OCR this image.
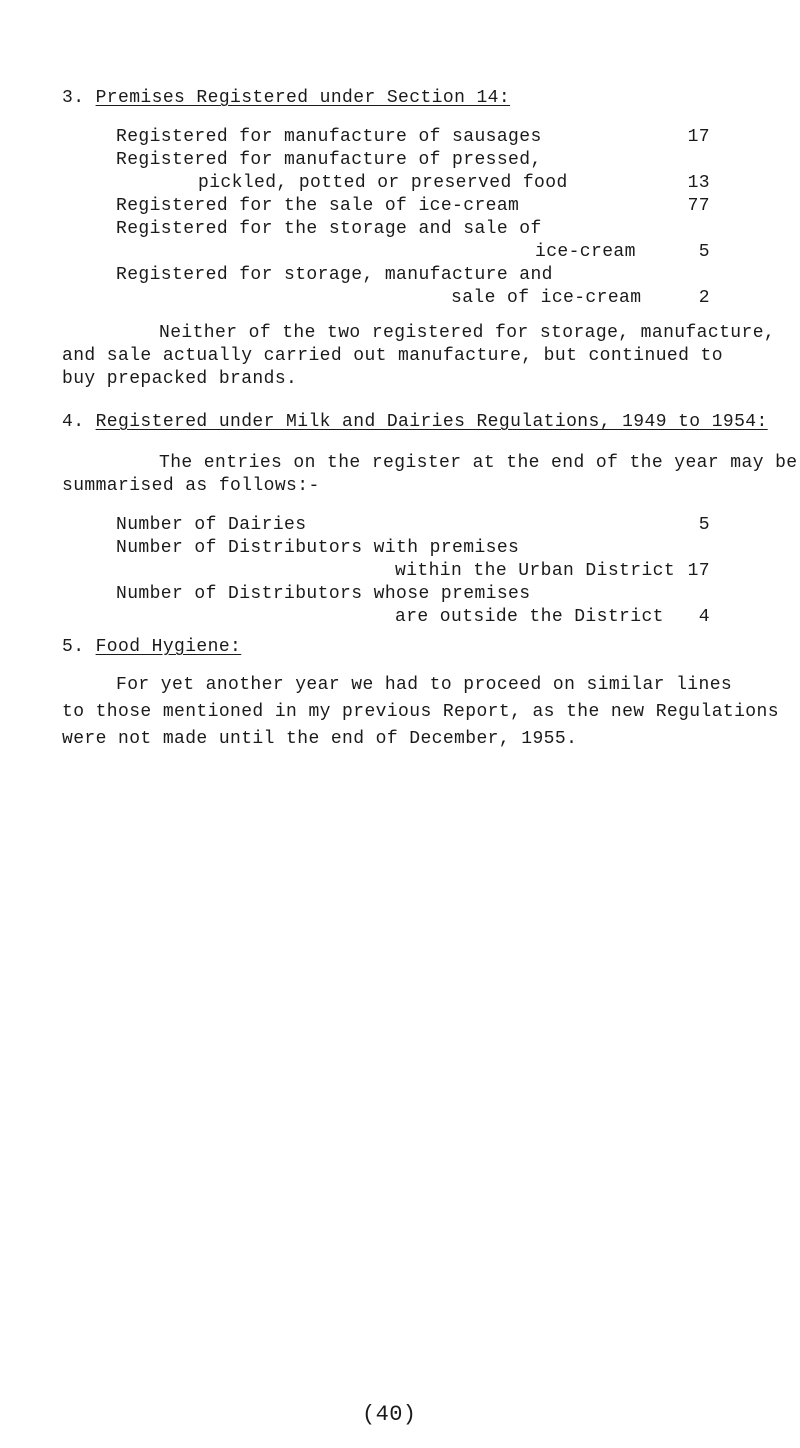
3. Premises Registered under Section 14:
Registered for manufacture of sausages	17
Registered for manufacture of pressed,
pickled, potted or preserved food	13
Registered for the sale of ice-cream	77
Registered for the storage and sale of
ice-cream	5
Registered for storage, manufacture and
sale of ice-cream	2
Neither of the two registered for storage, manufacture,
and sale actually carried out manufacture, but continued to
buy prepacked brands.
4. Registered under Milk and Dairies Regulations, 1949 to 1954:
The entries on the register at the end of the year may be
summarised as follows:-
Number of Dairies	5
Number of Distributors with premises
within the Urban District 17
Number of Distributors whose premises
are outside the District	4
5. Food Hygiene:
For yet another year we had to proceed on similar lines
to those mentioned in my previous Report, as the new Regulations
were not made until the end of December, 1955.
(40)
